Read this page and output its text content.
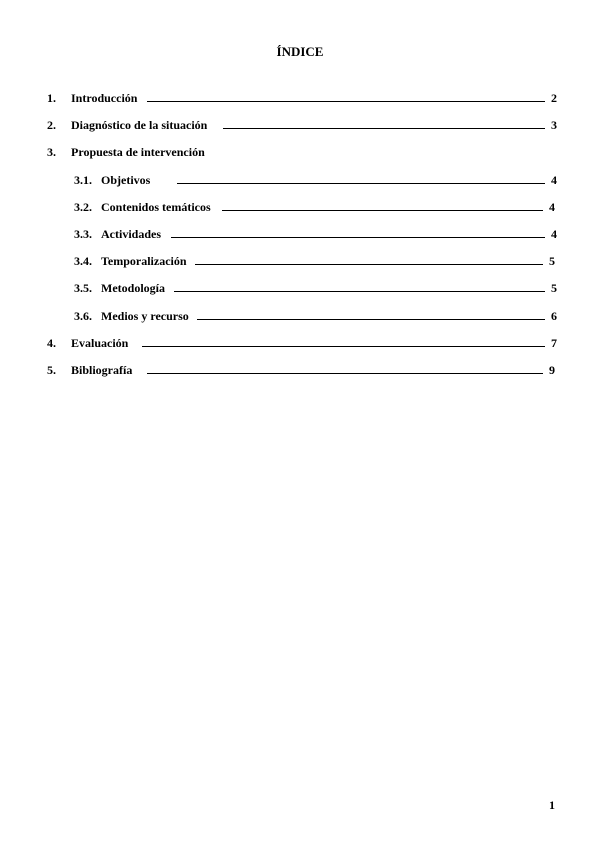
ÍNDICE
1. Introducción	2
2. Diagnóstico de la situación	3
3. Propuesta de intervención
3.1. Objetivos	4
3.2. Contenidos temáticos	4
3.3. Actividades	4
3.4. Temporalización	5
3.5. Metodología	5
3.6. Medios y recurso	6
4. Evaluación	7
5. Bibliografía	9
1
